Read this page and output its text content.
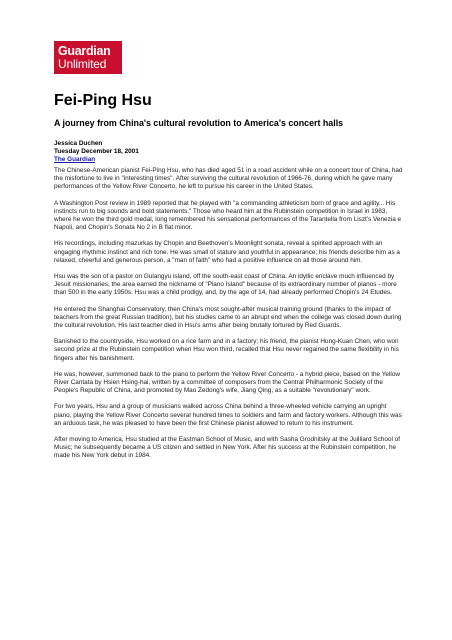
Guardian
Unlimited
Fei-Ping Hsu
A journey from China's cultural revolution to America's concert halls
Jessica Duchen
Tuesday December 18, 2001
The Guardian

The Chinese-American pianist Fei-Ping Hsu, who has died aged 51 in a road accident while on a concert tour of China, had the misfortune to live in "interesting times". After surviving the cultural revolution of 1966-76, during which he gave many performances of the Yellow River Concerto, he left to pursue his career in the United States.

A Washington Post review in 1989 reported that he played with "a commanding athleticism born of grace and agility... His instincts run to big sounds and bold statements." Those who heard him at the Rubinstein competition in Israel in 1983, where he won the third gold medal, long remembered his sensational performances of the Tarantella from Liszt's Venezia e Napoli, and Chopin's Sonata No 2 in B flat minor.

His recordings, including mazurkas by Chopin and Beethoven's Moonlight sonata, reveal a spirited approach with an engaging rhythmic instinct and rich tone. He was small of stature and youthful in appearance; his friends describe him as a relaxed, cheerful and generous person, a "man of faith" who had a positive influence on all those around him.

Hsu was the son of a pastor on Gulangyu island, off the south-east coast of China. An idyllic enclave much influenced by Jesuit missionaries, the area earned the nickname of "Piano Island" because of its extraordinary number of pianos - more than 500 in the early 1950s. Hsu was a child prodigy, and, by the age of 14, had already performed Chopin's 24 Etudes.

He entered the Shanghai Conservatory, then China's most sought-after musical training ground (thanks to the impact of teachers from the great Russian tradition), but his studies came to an abrupt end when the college was closed down during the cultural revolution. His last teacher died in Hsu's arms after being brutally tortured by Red Guards.

Banished to the countryside, Hsu worked on a rice farm and in a factory; his friend, the pianist Hung-Kuan Chen, who won second prize at the Rubinstein competition when Hsu won third, recalled that Hsu never regained the same flexibility in his fingers after his banishment.

He was, however, summoned back to the piano to perform the Yellow River Concerto - a hybrid piece, based on the Yellow River Cantata by Hsien Hsing-hai, written by a committee of composers from the Central Philharmonic Society of the People's Republic of China, and promoted by Mao Zedong's wife, Jiang Qing, as a suitable "revolutionary" work.

For two years, Hsu and a group of musicians walked across China behind a three-wheeled vehicle carrying an upright piano, playing the Yellow River Concerto several hundred times to soldiers and farm and factory workers. Although this was an arduous task, he was pleased to have been the first Chinese pianist allowed to return to his instrument.

After moving to America, Hsu studied at the Eastman School of Music, and with Sasha Grodnitsky at the Juilliard School of Music; he subsequently became a US citizen and settled in New York. After his success at the Rubinstein competition, he made his New York debut in 1984.
